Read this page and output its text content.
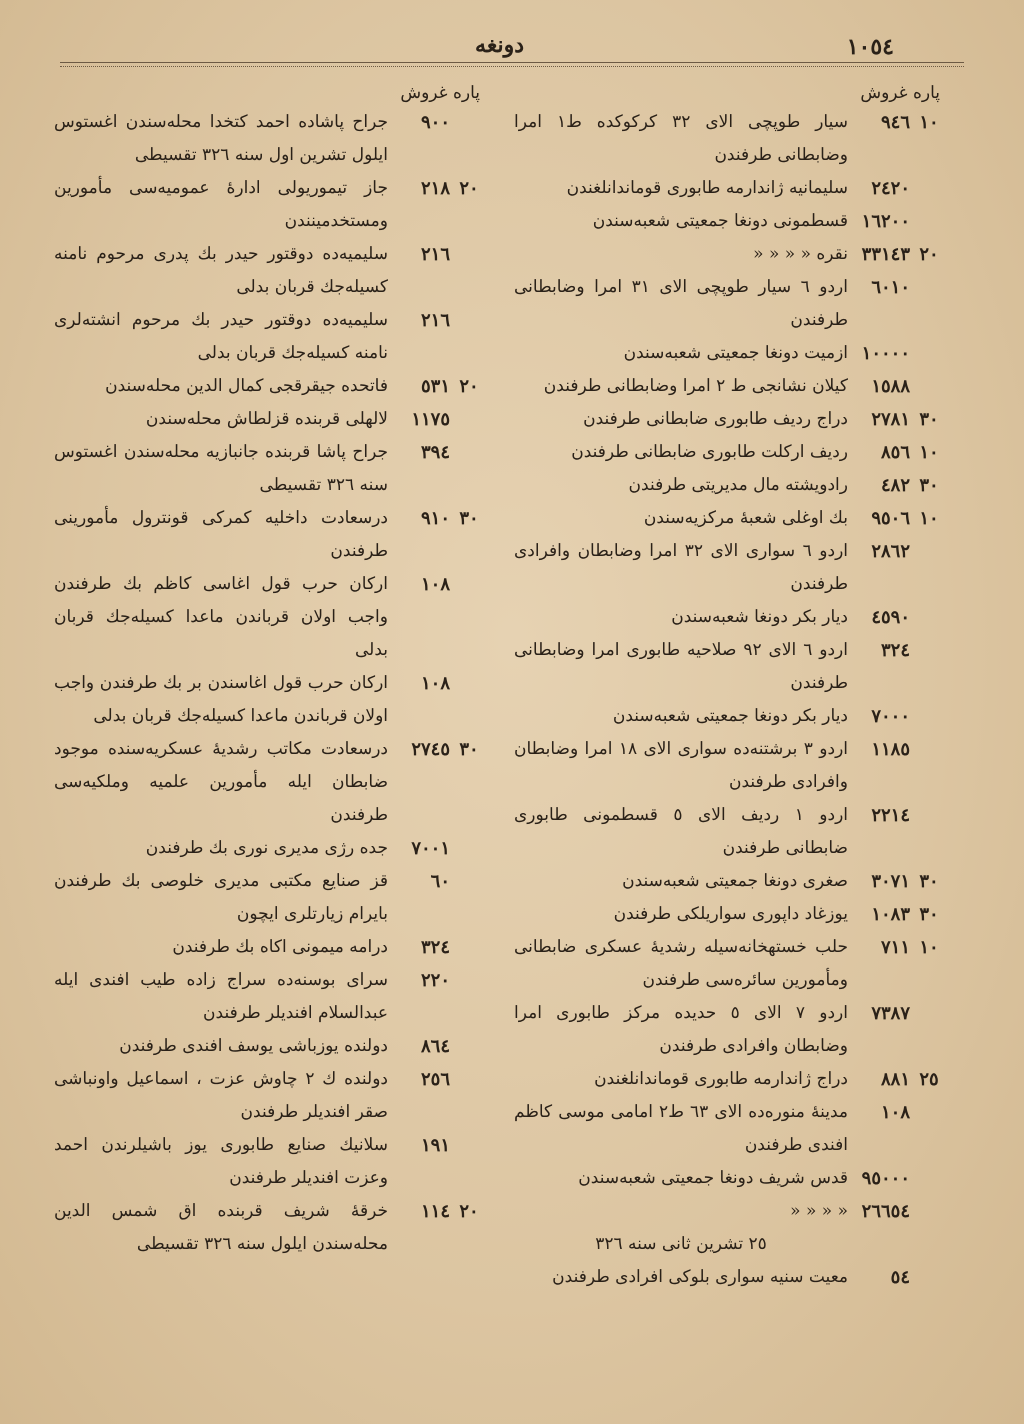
١٠٥٤
دونغه
پاره غروش
١٠
٩٤٦
سيار طوپچى الاى ٣٢ كركوكده ط١ امرا وضابطانى طرفندن
٢٤٢٠
سليمانيه ژاندارمه طابورى قوماندانلغندن
١٦٢٠٠
قسطمونى دونغا جمعيتى شعبه‌سندن
٢٠
٣٣١٤٣
نقره « « « «
٦٠١٠
اردو ٦ سيار طوپچى الاى ٣١ امرا وضابطانى طرفندن
١٠٠٠٠
ازميت دونغا جمعيتى شعبه‌سندن
١٥٨٨
كيلان نشانجى ط ٢ امرا وضابطانى طرفندن
٣٠
٢٧٨١
دراج رديف طابورى ضابطانى طرفندن
١٠
٨٥٦
رديف اركلت طابورى ضابطانى طرفندن
٣٠
٤٨٢
رادويشته مال مديريتى طرفندن
١٠
٩٥٠٦
بك اوغلى شعبهٔ مركزيه‌سندن
٢٨٦٢
اردو ٦ سوارى الاى ٣٢ امرا وضابطان وافرادى طرفندن
٤٥٩٠
ديار بكر دونغا شعبه‌سندن
٣٢٤
اردو ٦ الاى ٩٢ صلاحيه طابورى امرا وضابطانى طرفندن
٧٠٠٠
ديار بكر دونغا جمعيتى شعبه‌سندن
١١٨٥
اردو ٣ برشتنه‌ده سوارى الاى ١٨ امرا وضابطان وافرادى طرفندن
٢٢١٤
اردو ١ رديف الاى ٥ قسطمونى طابورى ضابطانى طرفندن
٣٠
٣٠٧١
صغرى دونغا جمعيتى شعبه‌سندن
٣٠
١٠٨٣
يوزغاد داپورى سواريلكى طرفندن
١٠
٧١١
حلب خستهخانه‌سيله رشديهٔ عسكرى ضابطانى ومأمورين سائره‌سى طرفندن
٧٣٨٧
اردو ٧ الاى ٥ حديده مركز طابورى امرا وضابطان وافرادى طرفندن
٢٥
٨٨١
دراج ژاندارمه طابورى قوماندانلغندن
١٠٨
مدينهٔ منوره‌ده الاى ٦٣ ط٢ امامى موسى كاظم افندى طرفندن
٩٥٠٠٠
قدس شريف دونغا جمعيتى شعبه‌سندن
٢٦٦٥٤
« « « «
٢٥ تشرين ثانى سنه ٣٢٦
٥٤
معيت سنيه سوارى بلوكى افرادى طرفندن
پاره غروش
٩٠٠
جراح پاشاده احمد كتخدا محله‌سندن اغستوس ايلول تشرين اول سنه ٣٢٦ تقسيطى
٢٠
٢١٨
جاز تيموريولى ادارهٔ عموميه‌سى مأمورين ومستخدمينندن
٢١٦
سليميه‌ده دوقتور حيدر بك پدرى مرحوم نامنه كسيله‌جك قربان بدلى
٢١٦
سليميه‌ده دوقتور حيدر بك مرحوم انشته‌لرى نامنه كسيله‌جك قربان بدلى
٢٠
٥٣١
فاتحده جيقرقجى كمال الدين محله‌سندن
١١٧٥
لالهلى قربنده قزلطاش محله‌سندن
٣٩٤
جراح پاشا قربنده جانبازيه محله‌سندن اغستوس سنه ٣٢٦ تقسيطى
٣٠
٩١٠
درسعادت داخليه كمركى قونترول مأمورينى طرفندن
١٠٨
اركان حرب قول اغاسى كاظم بك طرفندن واجب اولان قرباندن ماعدا كسيله‌جك قربان بدلى
١٠٨
اركان حرب قول اغاسندن بر بك طرفندن واجب اولان قرباندن ماعدا كسيله‌جك قربان بدلى
٣٠
٢٧٤٥
درسعادت مكاتب رشديهٔ عسكريه‌سنده موجود ضابطان ايله مأمورين علميه وملكيه‌سى طرفندن
٧٠٠١
جده رژى مديرى نورى بك طرفندن
٦٠
قز صنايع مكتبى مديرى خلوصى بك طرفندن بايرام زيارتلرى ايچون
٣٢٤
درامه ميمونى اكاه بك طرفندن
٢٢٠
سراى بوسنه‌ده سراج زاده طيب افندى ايله عبدالسلام افنديلر طرفندن
٨٦٤
دولنده يوزباشى يوسف افندى طرفندن
٢٥٦
دولنده ك ٢ چاوش عزت ، اسماعيل واونباشى صقر افنديلر طرفندن
١٩١
سلانيك صنايع طابورى يوز باشيلرندن احمد وعزت افنديلر طرفندن
٢٠
١١٤
خرقهٔ شريف قربنده اق شمس الدين محله‌سندن ايلول سنه ٣٢٦ تقسيطى
